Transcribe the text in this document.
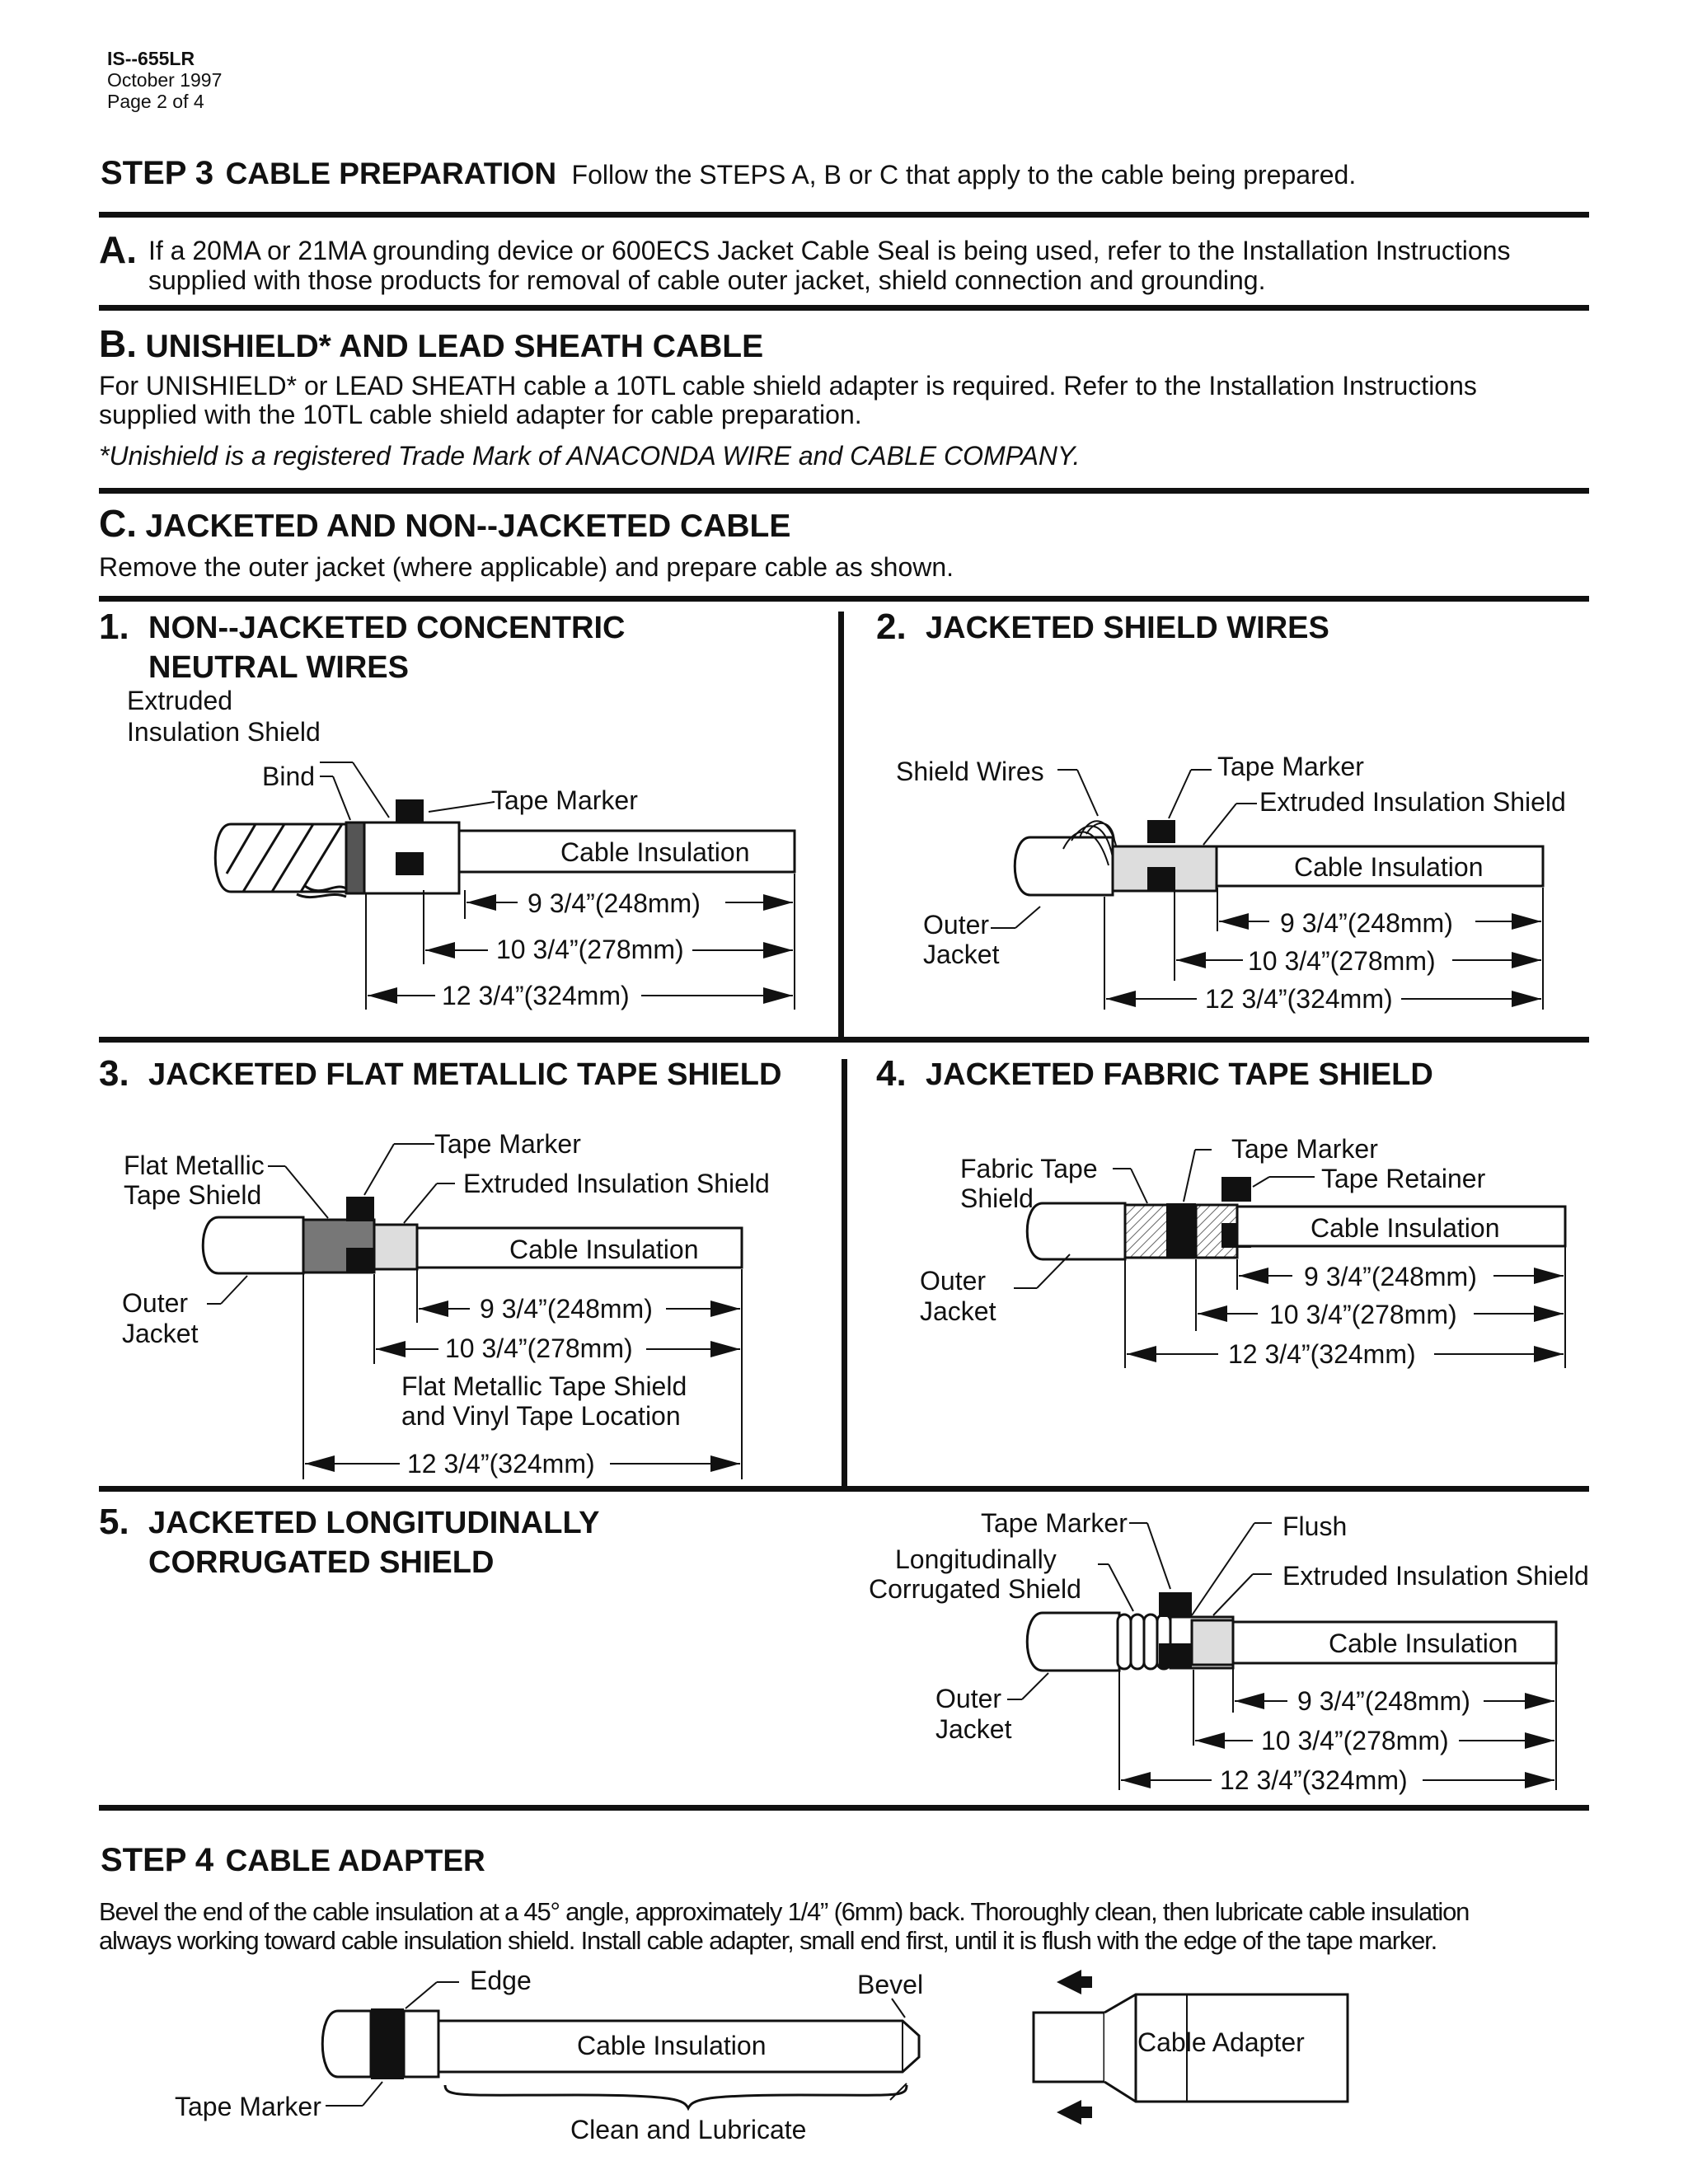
IS--655LR
October 1997
Page 2 of 4
STEP 3 CABLE PREPARATION Follow the STEPS A, B or C that apply to the cable being prepared.
A. If a 20MA or 21MA grounding device or 600ECS Jacket Cable Seal is being used, refer to the Installation Instructions
supplied with those products for removal of cable outer jacket, shield connection and grounding.
B. UNISHIELD* AND LEAD SHEATH CABLE
For UNISHIELD* or LEAD SHEATH cable a 10TL cable shield adapter is required. Refer to the Installation Instructions
supplied with the 10TL cable shield adapter for cable preparation.
*Unishield is a registered Trade Mark of ANACONDA WIRE and CABLE COMPANY.
C. JACKETED AND NON--JACKETED CABLE
Remove the outer jacket (where applicable) and prepare cable as shown.
1. NON--JACKETED CONCENTRIC
NEUTRAL WIRES
2. JACKETED SHIELD WIRES
3. JACKETED FLAT METALLIC TAPE SHIELD	4. JACKETED FABRIC TAPE SHIELD
5. JACKETED LONGITUDINALLY
CORRUGATED SHIELD
Extruded
Insulation Shield
Bind
Tape Marker
Cable Insulation
9 3/4”(248mm)
10 3/4”(278mm)
12 3/4”(324mm)
Shield Wires	Tape Marker
Extruded Insulation Shield
Cable Insulation
Outer
Jacket
9 3/4”(248mm)
10 3/4”(278mm)
12 3/4”(324mm)
Flat Metallic
Tape Shield
Tape Marker
Extruded Insulation Shield
Cable Insulation
Outer
Jacket
9 3/4”(248mm)
10 3/4”(278mm)
Flat Metallic Tape Shield
and Vinyl Tape Location
12 3/4”(324mm)
Fabric Tape
Shield
Tape Marker
Tape Retainer
Cable Insulation
Outer
Jacket
9 3/4”(248mm)
10 3/4”(278mm)
12 3/4”(324mm)
Tape Marker	Flush
Longitudinally
Corrugated Shield	Extruded Insulation Shield
Cable Insulation
Outer
Jacket
9 3/4”(248mm)
10 3/4”(278mm)
12 3/4”(324mm)
STEP 4 CABLE ADAPTER
Bevel the end of the cable insulation at a 45° angle, approximately 1/4” (6mm) back. Thoroughly clean, then lubricate cable insulation
always working toward cable insulation shield. Install cable adapter, small end first, until it is flush with the edge of the tape marker.
Edge	Bevel
Cable Insulation
Tape Marker
Clean and Lubricate
Cable Adapter
